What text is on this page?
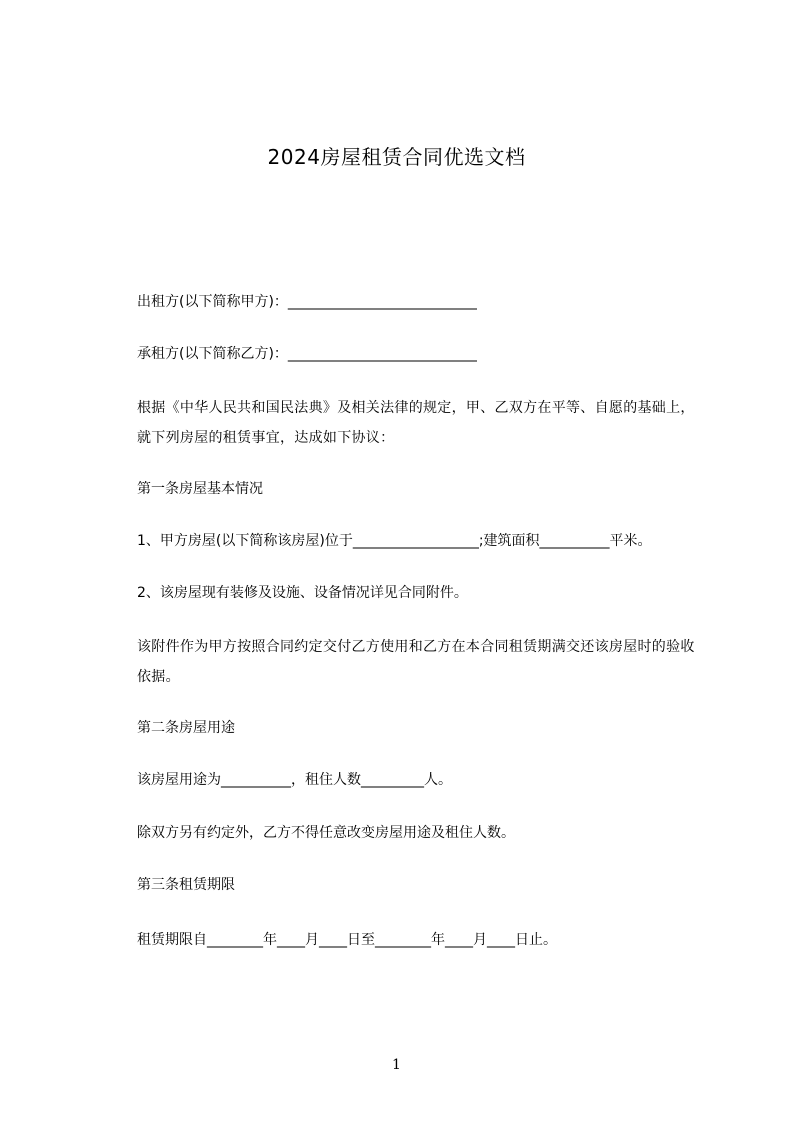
2024房屋租赁合同优选文档
出租方(以下简称甲方)：___________________________
承租方(以下简称乙方)：___________________________
根据《中华人民共和国民法典》及相关法律的规定，甲、乙双方在平等、自愿的基础上，就下列房屋的租赁事宜，达成如下协议：
第一条房屋基本情况
1、甲方房屋(以下简称该房屋)位于__________________;建筑面积__________平米。
2、该房屋现有装修及设施、设备情况详见合同附件。
该附件作为甲方按照合同约定交付乙方使用和乙方在本合同租赁期满交还该房屋时的验收依据。
第二条房屋用途
该房屋用途为__________，租住人数_________人。
除双方另有约定外，乙方不得任意改变房屋用途及租住人数。
第三条租赁期限
租赁期限自________年____月____日至________年____月____日止。
1
